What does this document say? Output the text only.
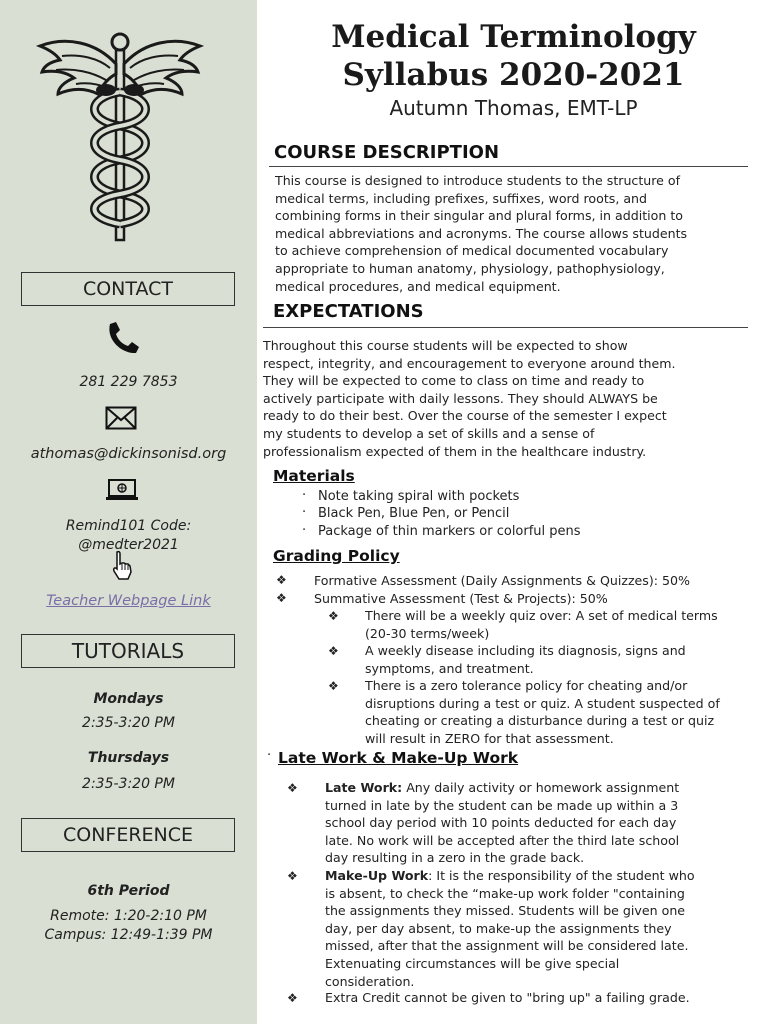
CONTACT
281 229 7853
athomas@dickinsonisd.org
Remind101 Code:
@medter2021
Teacher Webpage Link
TUTORIALS
Mondays
2:35-3:20 PM
Thursdays
2:35-3:20 PM
CONFERENCE
6th Period
Remote: 1:20-2:10 PM
Campus: 12:49-1:39 PM
Medical Terminology
Syllabus 2020-2021
Autumn Thomas, EMT-LP
COURSE DESCRIPTION
This course is designed to introduce students to the structure of
medical terms, including prefixes, suffixes, word roots, and
combining forms in their singular and plural forms, in addition to
medical abbreviations and acronyms. The course allows students
to achieve comprehension of medical documented vocabulary
appropriate to human anatomy, physiology, pathophysiology,
medical procedures, and medical equipment.
EXPECTATIONS
Throughout this course students will be expected to show
respect, integrity, and encouragement to everyone around them.
They will be expected to come to class on time and ready to
actively participate with daily lessons. They should ALWAYS be
ready to do their best. Over the course of the semester I expect
my students to develop a set of skills and a sense of
professionalism expected of them in the healthcare industry.
Materials
· Note taking spiral with pockets
· Black Pen, Blue Pen, or Pencil
· Package of thin markers or colorful pens
Grading Policy
❖ Formative Assessment (Daily Assignments & Quizzes): 50%
❖ Summative Assessment (Test & Projects): 50%
❖ There will be a weekly quiz over: A set of medical terms
(20-30 terms/week)
❖ A weekly disease including its diagnosis, signs and
symptoms, and treatment.
❖ There is a zero tolerance policy for cheating and/or
disruptions during a test or quiz. A student suspected of
cheating or creating a disturbance during a test or quiz
will result in ZERO for that assessment.
· Late Work & Make-Up Work
❖ Late Work: Any daily activity or homework assignment
turned in late by the student can be made up within a 3
school day period with 10 points deducted for each day
late. No work will be accepted after the third late school
day resulting in a zero in the grade back.
❖ Make-Up Work: It is the responsibility of the student who
is absent, to check the “make-up work folder "containing
the assignments they missed. Students will be given one
day, per day absent, to make-up the assignments they
missed, after that the assignment will be considered late.
Extenuating circumstances will be give special
consideration.
❖ Extra Credit cannot be given to "bring up" a failing grade.
